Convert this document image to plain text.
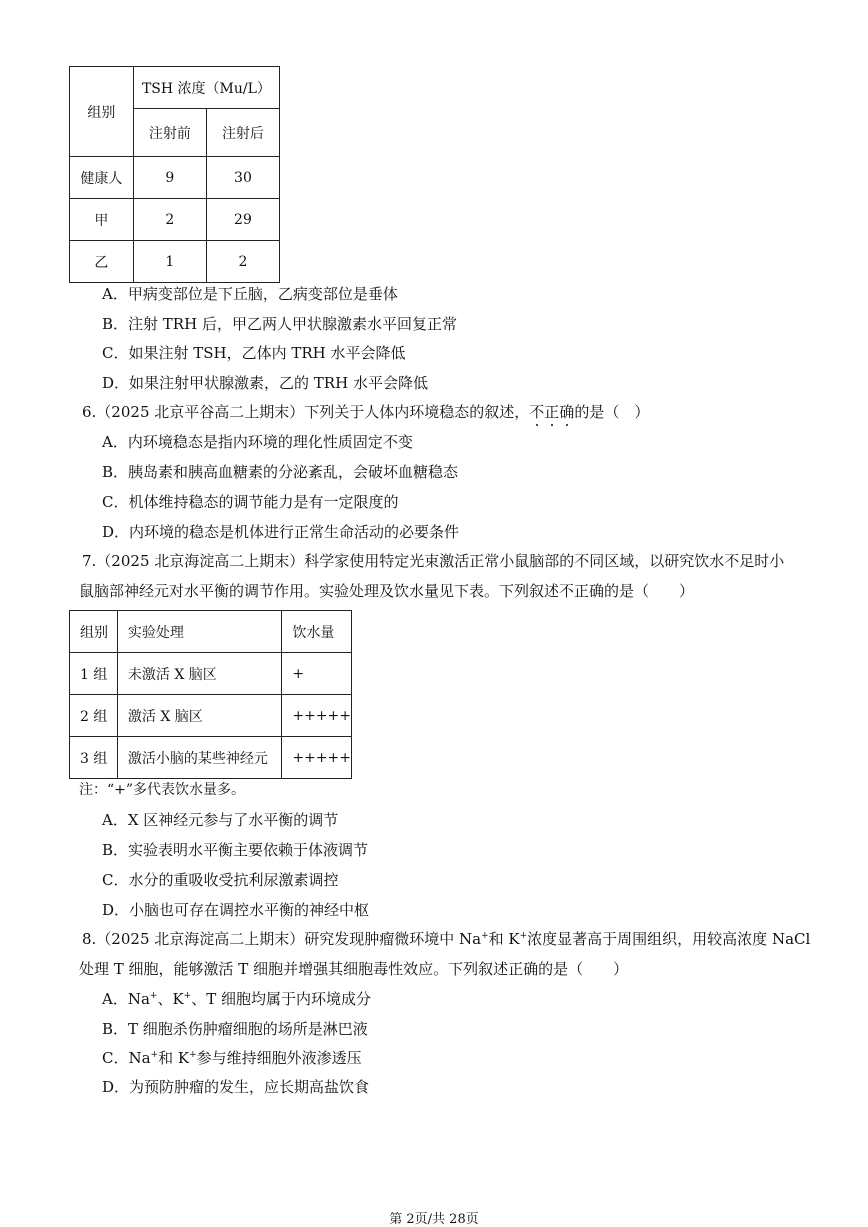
组别	TSH 浓度（Mu/L）	
	注射前	注射后
健康人	9	30
甲	2	29
乙	1	2
A．甲病变部位是下丘脑，乙病变部位是垂体
B．注射 TRH 后，甲乙两人甲状腺激素水平回复正常
C．如果注射 TSH，乙体内 TRH 水平会降低
D．如果注射甲状腺激素，乙的 TRH 水平会降低
6.（2025 北京平谷高二上期末）下列关于人体内环境稳态的叙述，不正确的是（　）
A．内环境稳态是指内环境的理化性质固定不变
B．胰岛素和胰高血糖素的分泌紊乱，会破坏血糖稳态
C．机体维持稳态的调节能力是有一定限度的
D．内环境的稳态是机体进行正常生命活动的必要条件
7.（2025 北京海淀高二上期末）科学家使用特定光束激活正常小鼠脑部的不同区域，以研究饮水不足时小
鼠脑部神经元对水平衡的调节作用。实验处理及饮水量见下表。下列叙述不正确的是（　　）
组别	实验处理	饮水量
1 组	未激活 X 脑区	+
2 组	激活 X 脑区	+++++
3 组	激活小脑的某些神经元	+++++
注：“+”多代表饮水量多。
A．X 区神经元参与了水平衡的调节
B．实验表明水平衡主要依赖于体液调节
C．水分的重吸收受抗利尿激素调控
D．小脑也可存在调控水平衡的神经中枢
8.（2025 北京海淀高二上期末）研究发现肿瘤微环境中 Na+和 K+浓度显著高于周围组织，用较高浓度 NaCl
处理 T 细胞，能够激活 T 细胞并增强其细胞毒性效应。下列叙述正确的是（　　）
A．Na+、K+、T 细胞均属于内环境成分
B．T 细胞杀伤肿瘤细胞的场所是淋巴液
C．Na+和 K+参与维持细胞外液渗透压
D．为预防肿瘤的发生，应长期高盐饮食
第 2页/共 28页
